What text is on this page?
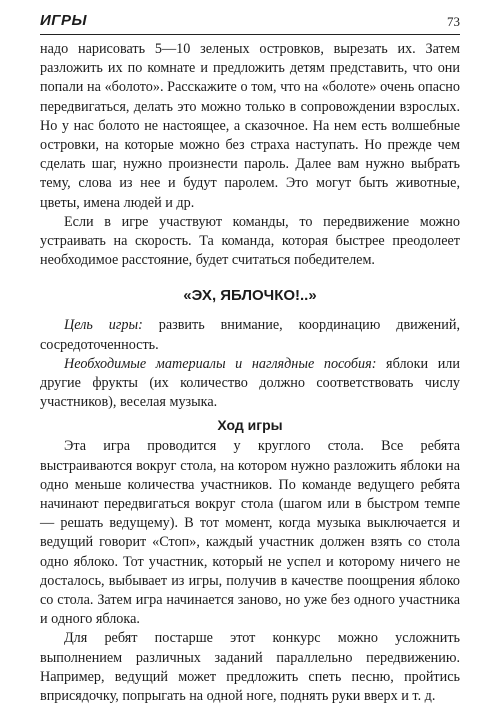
ИГРЫ	73

надо нарисовать 5—10 зеленых островков, вырезать их. Затем разложить их по комнате и предложить детям представить, что они попали на «болото». Расскажите о том, что на «болоте» очень опасно передвигаться, делать это можно только в сопровождении взрослых. Но у нас болото не настоящее, а сказочное. На нем есть волшебные островки, на которые можно без страха наступать. Но прежде чем сделать шаг, нужно произнести пароль. Далее вам нужно выбрать тему, слова из нее и будут паролем. Это могут быть животные, цветы, имена людей и др.

Если в игре участвуют команды, то передвижение можно устраивать на скорость. Та команда, которая быстрее преодолеет необходимое расстояние, будет считаться победителем.

«ЭХ, ЯБЛОЧКО!..»

Цель игры: развить внимание, координацию движений, сосредоточенность.

Необходимые материалы и наглядные пособия: яблоки или другие фрукты (их количество должно соответствовать числу участников), веселая музыка.

Ход игры

Эта игра проводится у круглого стола. Все ребята выстраиваются вокруг стола, на котором нужно разложить яблоки на одно меньше количества участников. По команде ведущего ребята начинают передвигаться вокруг стола (шагом или в быстром темпе — решать ведущему). В тот момент, когда музыка выключается и ведущий говорит «Стоп», каждый участник должен взять со стола одно яблоко. Тот участник, который не успел и которому ничего не досталось, выбывает из игры, получив в качестве поощрения яблоко со стола. Затем игра начинается заново, но уже без одного участника и одного яблока.

Для ребят постарше этот конкурс можно усложнить выполнением различных заданий параллельно передвижению. Например, ведущий может предложить спеть песню, пройтись вприсядочку, попрыгать на одной ноге, поднять руки вверх и т. д.
